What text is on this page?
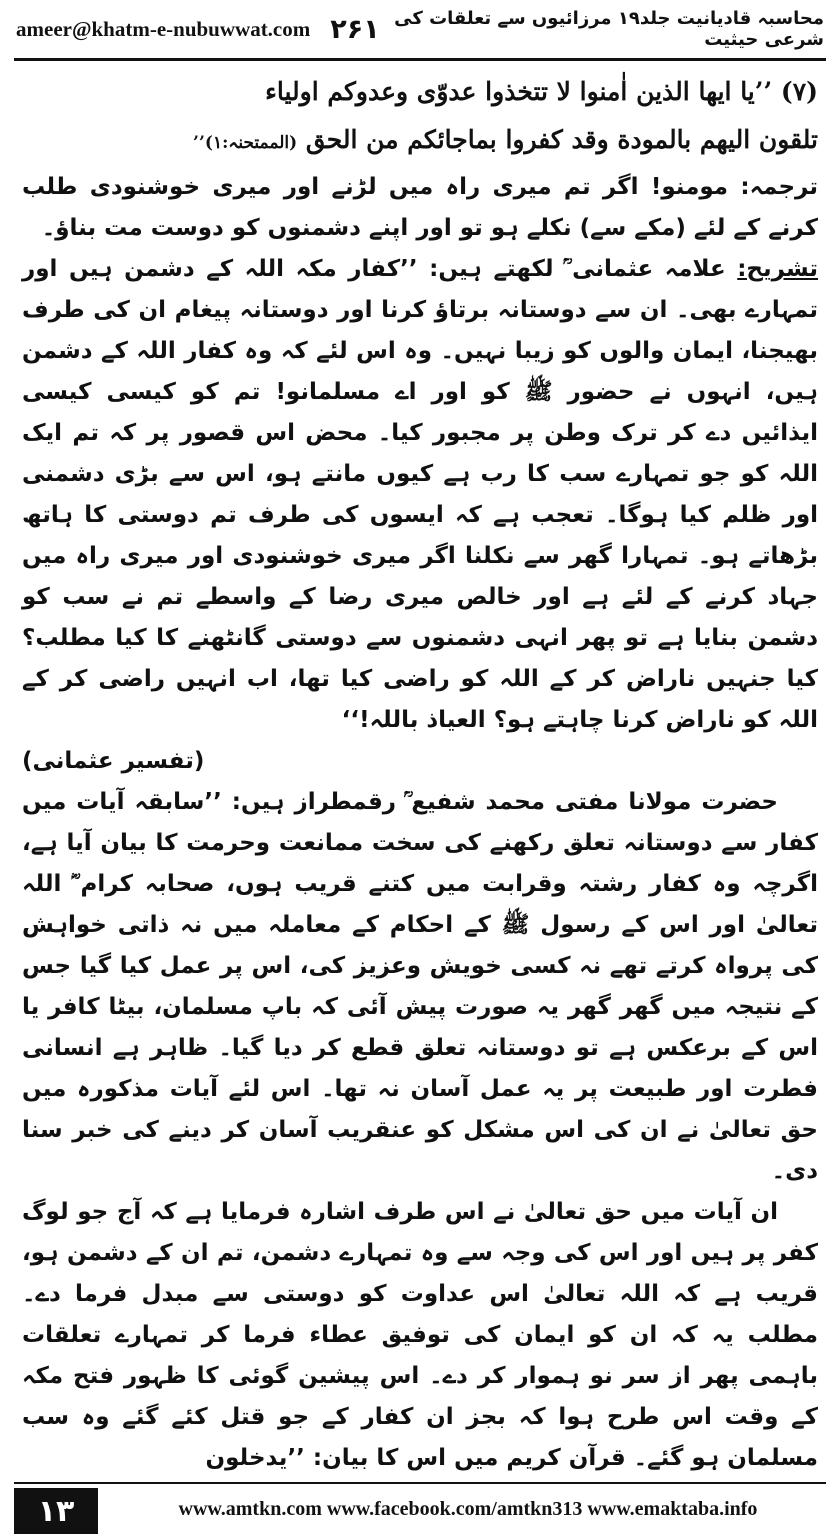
ameer@khatm-e-nubuwwat.com ۲۶۱ محاسبہ قادیانیت جلد۱۹ مرزائیوں سے تعلقات کی شرعی حیثیت

(۷) ’’یا ایھا الذین اٰمنوا لا تتخذوا عدوّی وعدوکم اولیاء
تلقون الیھم بالمودة وقد کفروا بماجائکم من الحق (الممتحنہ:۱)’’

ترجمہ: مومنو! اگر تم میری راہ میں لڑنے اور میری خوشنودی طلب کرنے کے لئے (مکے سے) نکلے ہو تو اور اپنے دشمنوں کو دوست مت بناؤ۔

تشریح: علامہ عثمانی ؒ لکھتے ہیں: ’’کفار مکہ اللہ کے دشمن ہیں اور تمہارے بھی۔ ان سے دوستانہ برتاؤ کرنا اور دوستانہ پیغام ان کی طرف بھیجنا، ایمان والوں کو زیبا نہیں۔ وہ اس لئے کہ وہ کفار اللہ کے دشمن ہیں، انہوں نے حضور ﷺ کو اور اے مسلمانو! تم کو کیسی کیسی ایذائیں دے کر ترک وطن پر مجبور کیا۔ محض اس قصور پر کہ تم ایک اللہ کو جو تمہارے سب کا رب ہے کیوں مانتے ہو، اس سے بڑی دشمنی اور ظلم کیا ہوگا۔ تعجب ہے کہ ایسوں کی طرف تم دوستی کا ہاتھ بڑھاتے ہو۔ تمہارا گھر سے نکلنا اگر میری خوشنودی اور میری راہ میں جہاد کرنے کے لئے ہے اور خالص میری رضا کے واسطے تم نے سب کو دشمن بنایا ہے تو پھر انہی دشمنوں سے دوستی گانٹھنے کا کیا مطلب؟ کیا جنہیں ناراض کر کے اللہ کو راضی کیا تھا، اب انہیں راضی کر کے اللہ کو ناراض کرنا چاہتے ہو؟ العیاذ باللہ!‘‘
(تفسیر عثمانی)

حضرت مولانا مفتی محمد شفیع ؒ رقمطراز ہیں: ’’سابقہ آیات میں کفار سے دوستانہ تعلق رکھنے کی سخت ممانعت وحرمت کا بیان آیا ہے، اگرچہ وہ کفار رشتہ وقرابت میں کتنے قریب ہوں، صحابہ کرام ؓ اللہ تعالیٰ اور اس کے رسول ﷺ کے احکام کے معاملہ میں نہ ذاتی خواہش کی پرواہ کرتے تھے نہ کسی خویش وعزیز کی، اس پر عمل کیا گیا جس کے نتیجہ میں گھر گھر یہ صورت پیش آئی کہ باپ مسلمان، بیٹا کافر یا اس کے برعکس ہے تو دوستانہ تعلق قطع کر دیا گیا۔ ظاہر ہے انسانی فطرت اور طبیعت پر یہ عمل آسان نہ تھا۔ اس لئے آیات مذکورہ میں حق تعالیٰ نے ان کی اس مشکل کو عنقریب آسان کر دینے کی خبر سنا دی۔

ان آیات میں حق تعالیٰ نے اس طرف اشارہ فرمایا ہے کہ آج جو لوگ کفر پر ہیں اور اس کی وجہ سے وہ تمہارے دشمن، تم ان کے دشمن ہو، قریب ہے کہ اللہ تعالیٰ اس عداوت کو دوستی سے مبدل فرما دے۔ مطلب یہ کہ ان کو ایمان کی توفیق عطاء فرما کر تمہارے تعلقات باہمی پھر از سر نو ہموار کر دے۔ اس پیشین گوئی کا ظہور فتح مکہ کے وقت اس طرح ہوا کہ بجز ان کفار کے جو قتل کئے گئے وہ سب مسلمان ہو گئے۔ قرآن کریم میں اس کا بیان: ’’یدخلون

۱۳	www.amtkn.com www.facebook.com/amtkn313 www.emaktaba.info
